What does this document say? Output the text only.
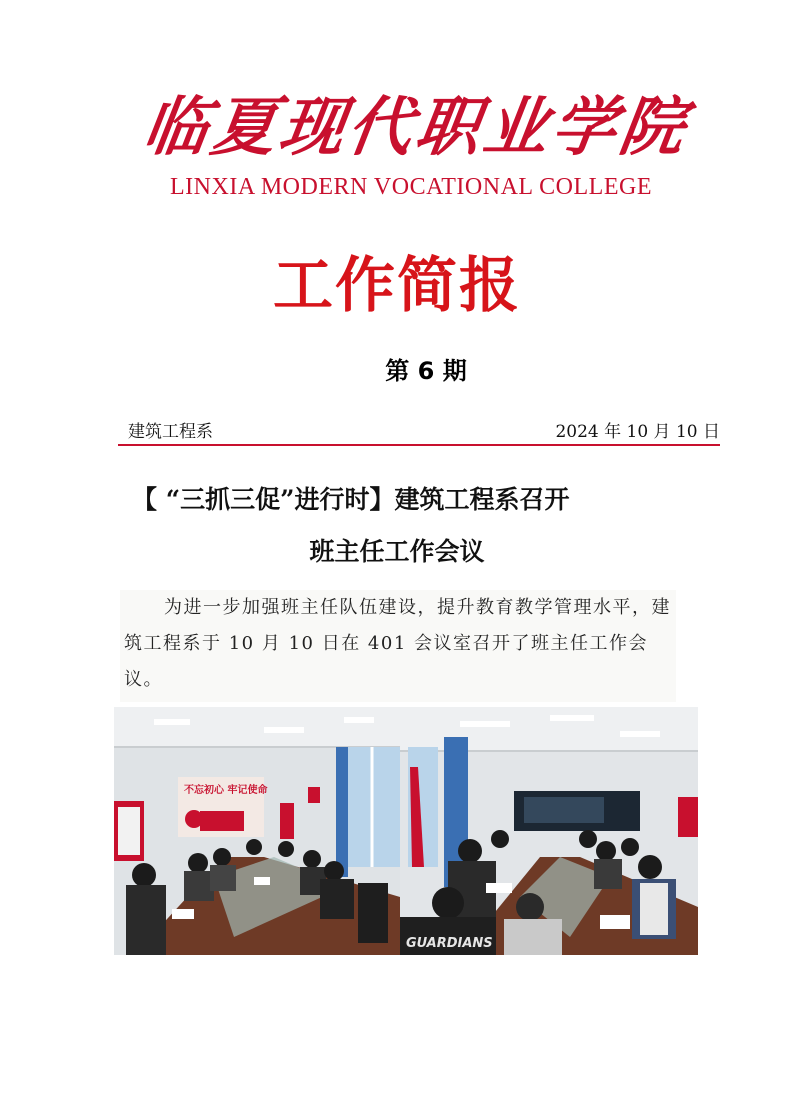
临夏现代职业学院
LINXIA MODERN VOCATIONAL COLLEGE
工作简报
第 6 期
建筑工程系	2024 年 10 月 10 日
【 “三抓三促”进行时】建筑工程系召开
班主任工作会议
为进一步加强班主任队伍建设，提升教育教学管理水平，建筑工程系于 10 月 10 日在 401 会议室召开了班主任工作会议。
不忘初心 牢记使命
GUARDIANS
